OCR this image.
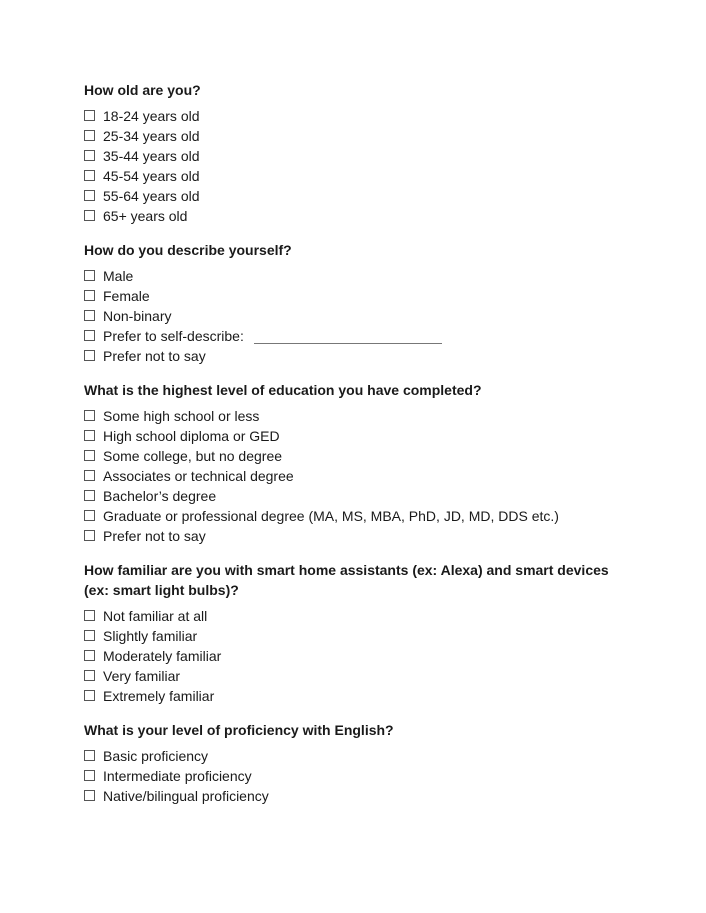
How old are you?
18-24 years old
25-34 years old
35-44 years old
45-54 years old
55-64 years old
65+ years old
How do you describe yourself?
Male
Female
Non-binary
Prefer to self-describe:
Prefer not to say
What is the highest level of education you have completed?
Some high school or less
High school diploma or GED
Some college, but no degree
Associates or technical degree
Bachelor’s degree
Graduate or professional degree (MA, MS, MBA, PhD, JD, MD, DDS etc.)
Prefer not to say
How familiar are you with smart home assistants (ex: Alexa) and smart devices (ex: smart light bulbs)?
Not familiar at all
Slightly familiar
Moderately familiar
Very familiar
Extremely familiar
What is your level of proficiency with English?
Basic proficiency
Intermediate proficiency
Native/bilingual proficiency
